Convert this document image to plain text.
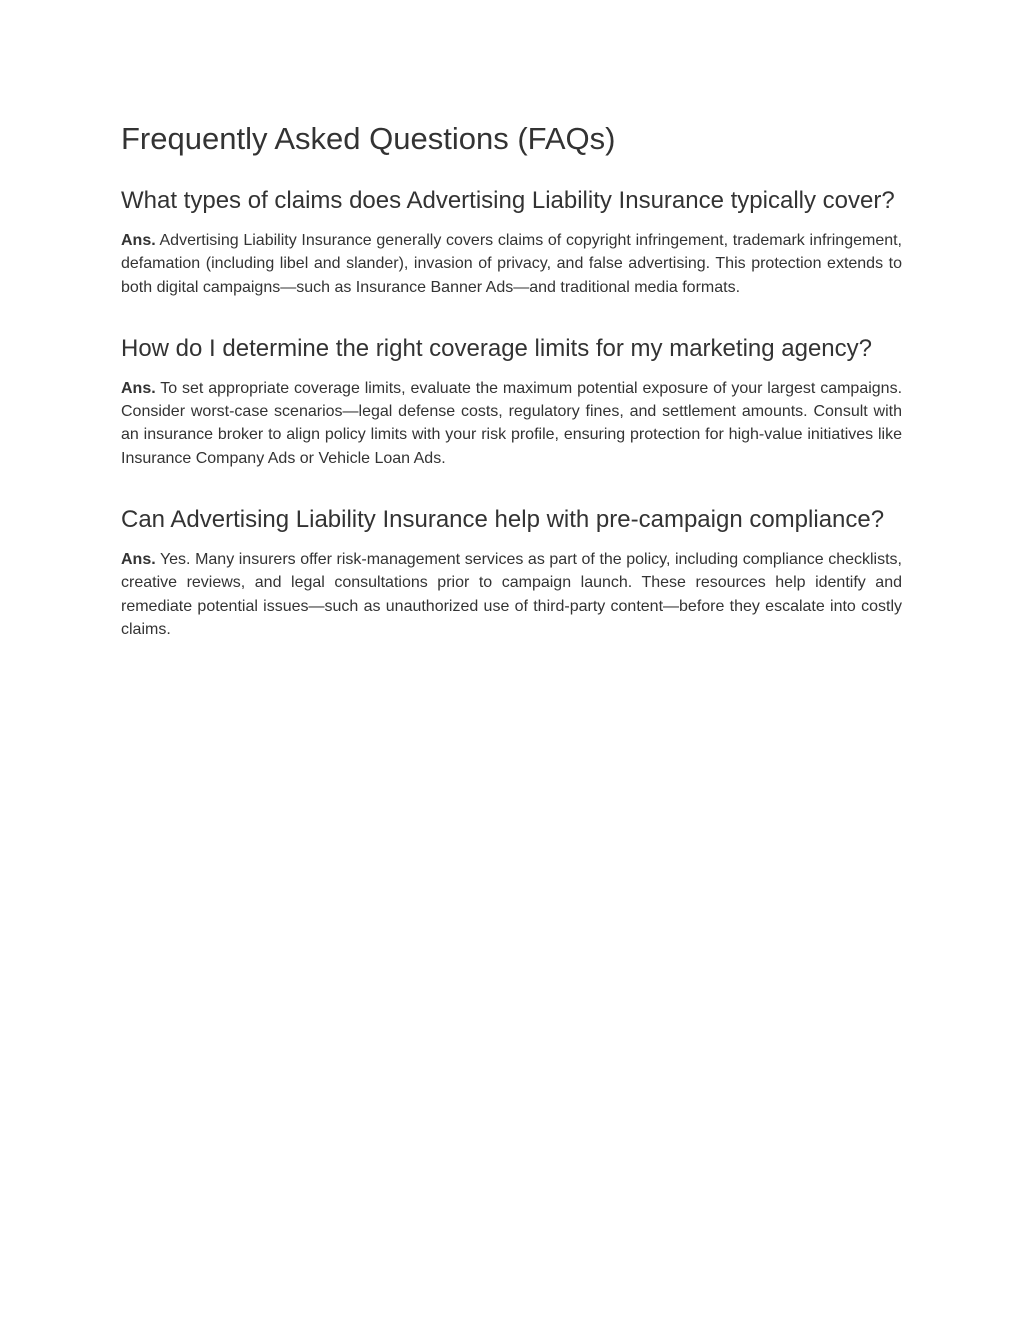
Frequently Asked Questions (FAQs)
What types of claims does Advertising Liability Insurance typically cover?

Ans. Advertising Liability Insurance generally covers claims of copyright infringement, trademark infringement, defamation (including libel and slander), invasion of privacy, and false advertising. This protection extends to both digital campaigns—such as Insurance Banner Ads—and traditional media formats.

How do I determine the right coverage limits for my marketing agency?

Ans. To set appropriate coverage limits, evaluate the maximum potential exposure of your largest campaigns. Consider worst‑case scenarios—legal defense costs, regulatory fines, and settlement amounts. Consult with an insurance broker to align policy limits with your risk profile, ensuring protection for high‑value initiatives like Insurance Company Ads or Vehicle Loan Ads.

Can Advertising Liability Insurance help with pre‑campaign compliance?

Ans. Yes. Many insurers offer risk‑management services as part of the policy, including compliance checklists, creative reviews, and legal consultations prior to campaign launch. These resources help identify and remediate potential issues—such as unauthorized use of third‑party content—before they escalate into costly claims.
